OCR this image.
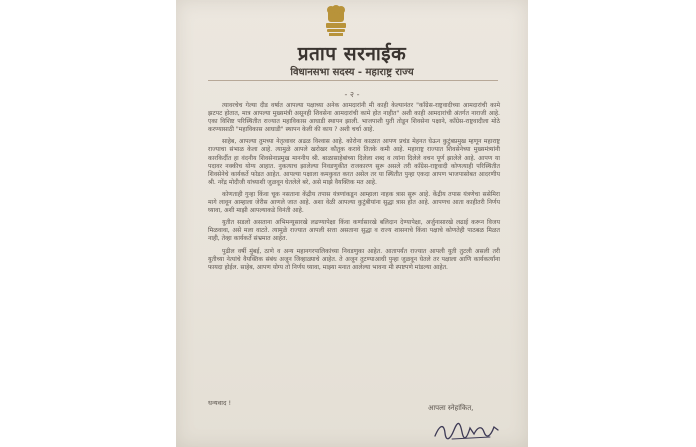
प्रताप सरनाईक
विधानसभा सदस्य - महाराष्ट्र राज्य
- २ -

त्यावरचेच गेल्या दीड वर्षात आपल्या पक्षाच्या अनेक आमदारांनी मी काही केल्यानंतर "काँग्रेस-राष्ट्रवादीच्या आमदारांची कामे झटपट होतात, मात्र आपल्या मुख्यमंत्री असूनही शिवसेना आमदारांची कामे होत नाहीत" अशी काही आमदारांची अंतर्गत नाराजी आहे. एका विशिष्ट परिस्थितीत राज्यात महाविकास आघाडी स्थापन झाली. भाजपाशी युती तोडून शिवसेना पक्षाने, काँग्रेस-राष्ट्रवादीला मोठे करण्यासाठी "महाविकास आघाडी" स्थापन केली की काय ? अशी चर्चा आहे.

साहेब, आपल्या तुमच्या नेतृत्वावर अढळ विश्वास आहे. कोरोना काळात आपण प्रचंड मेहनत घेऊन कुटुंबप्रमुख म्हणून महाराष्ट्र राज्याचा संभाळ केला आहे. त्यामुळे आपले खरोखर कौतुक करावे तितके कमी आहे. महाराष्ट्र राज्यात शिवसेनेच्या मुख्यमंत्र्यांनी कारकिर्दीत हा वंदनीय शिवसेनाप्रमुख माननीय श्री. बाळासाहेबांच्या दिलेला शब्द व त्यांना दिलेले वचन पूर्ण झालेले आहे. आपण या पदावर नक्कीच योग्य आहात. नुकत्याच झालेल्या निवडणुकीत राजकारण सुरू असले तरी काँग्रेस-राष्ट्रवादी कोणत्याही परिस्थितीत शिवसेनेचे कार्यकर्ते फोडत आहेत. आपल्या पक्षाला कमकुवत करत असेल तर या स्थितीत पुन्हा एकदा आपण भाजपासोबत आदरणीय श्री. नरेंद्र मोदीजी यांच्याशी जुळवून घेतलेले बरे, असे माझे वैयक्तिक मत आहे.

कोणताही गुन्हा किंवा चूक नसताना केंद्रीय तपास यंत्रणांकडून आम्हाला नाहक त्रास सुरू आहे. केंद्रीय तपास यंत्रणेचा ससेमिरा मागे लावून आम्हाला जेरीस आणले जात आहे. अशा वेळी आपल्या कुटुंबीयांना सुद्धा त्रास होत आहे. आपणच आता काहीतरी निर्णय घ्यावा, अशी माझी आपल्याकडे विनंती आहे.

युतीत सडलो असताना अभिमन्यूसारखे लढण्यापेक्षा किंवा कर्णासारखे बलिदान देण्यापेक्षा, अर्जुनासारखे लढाई करून विजय मिळवावा, असे मला वाटते. त्यामुळे राज्यात आपली सत्ता असताना सुद्धा व राज्य शासनाचे किंवा पक्षाचे कोणतेही पाठबळ मिळत नाही, तेव्हा कार्यकर्ते संभ्रमात आहेत.

पुढील वर्षी मुंबई, ठाणे व अन्य महानगरपालिकांच्या निवडणुका आहेत. आतापर्यंत राज्यात आपली युती तुटली असली तरी युतीच्या नेत्यांचे वैयक्तिक संबंध अजून जिव्हाळ्याचे आहेत. ते अजून तुटण्याआधी पुन्हा जुळवून घेतले तर पक्षाला आणि कार्यकर्त्यांना फायदा होईल. साहेब, आपण योग्य तो निर्णय घ्यावा, माझ्या मनात आलेल्या भावना मी स्पष्टपणे मांडल्या आहेत.

धन्यवाद !
आपला स्नेहांकित,
